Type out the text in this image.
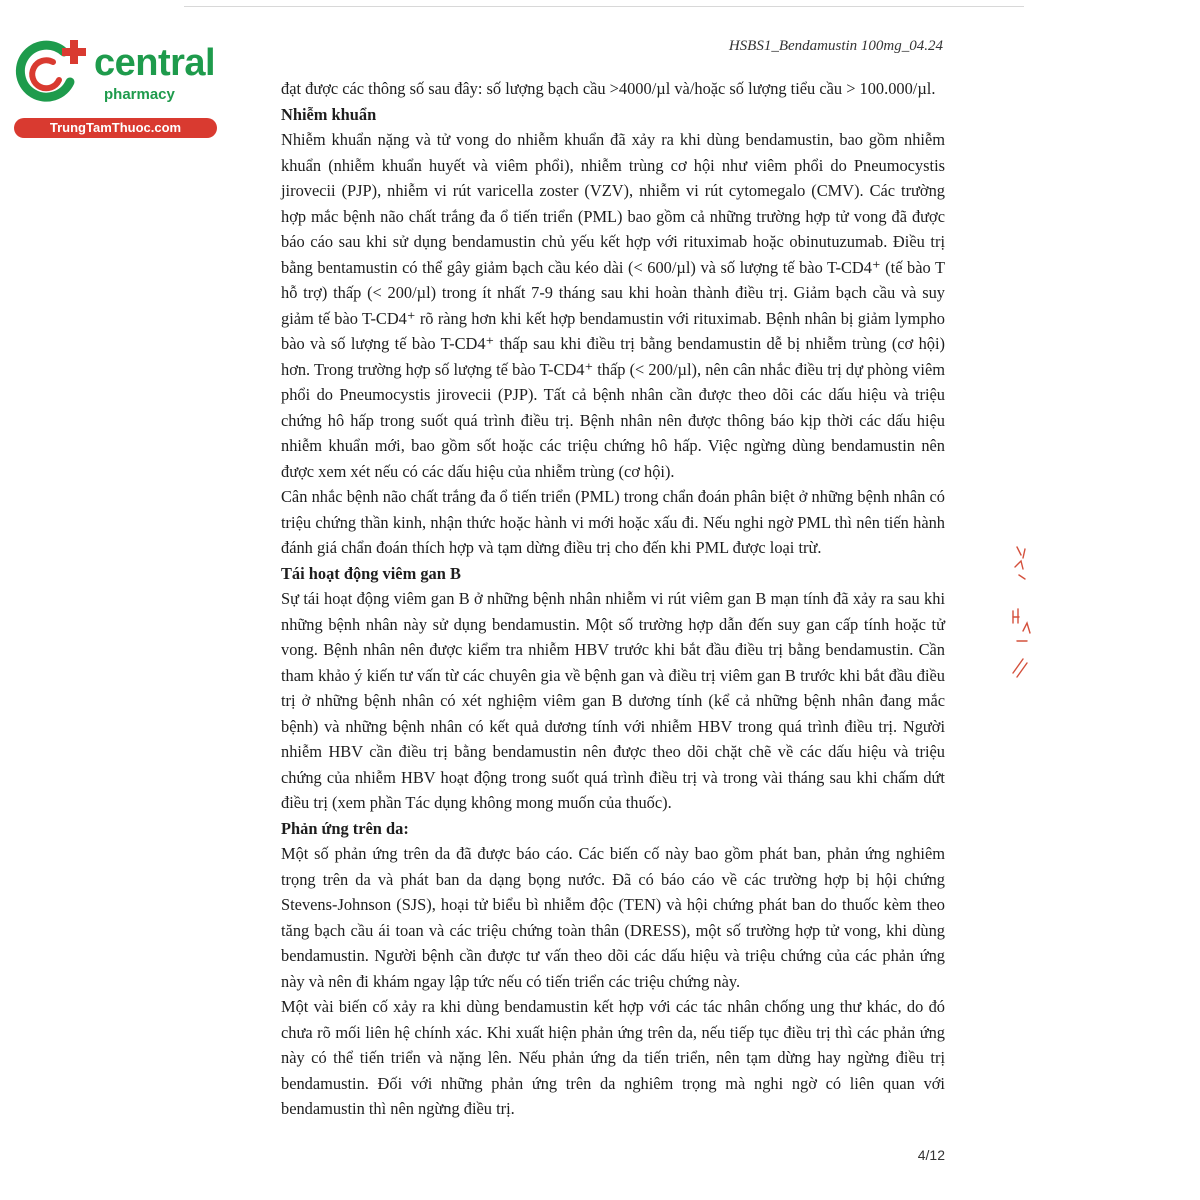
central
pharmacy
TrungTamThuoc.com
HSBS1_Bendamustin 100mg_04.24

đạt được các thông số sau đây: số lượng bạch cầu >4000/µl và/hoặc số lượng tiểu cầu > 100.000/µl.

Nhiễm khuẩn

Nhiễm khuẩn nặng và tử vong do nhiễm khuẩn đã xảy ra khi dùng bendamustin, bao gồm nhiễm khuẩn (nhiễm khuẩn huyết và viêm phổi), nhiễm trùng cơ hội như viêm phổi do Pneumocystis jirovecii (PJP), nhiễm vi rút varicella zoster (VZV), nhiễm vi rút cytomegalo (CMV). Các trường hợp mắc bệnh não chất trắng đa ổ tiến triển (PML) bao gồm cả những trường hợp tử vong đã được báo cáo sau khi sử dụng bendamustin chủ yếu kết hợp với rituximab hoặc obinutuzumab. Điều trị bằng bentamustin có thể gây giảm bạch cầu kéo dài (< 600/µl) và số lượng tế bào T-CD4⁺ (tế bào T hỗ trợ) thấp (< 200/µl) trong ít nhất 7-9 tháng sau khi hoàn thành điều trị. Giảm bạch cầu và suy giảm tế bào T-CD4⁺ rõ ràng hơn khi kết hợp bendamustin với rituximab. Bệnh nhân bị giảm lympho bào và số lượng tế bào T-CD4⁺ thấp sau khi điều trị bằng bendamustin dễ bị nhiễm trùng (cơ hội) hơn. Trong trường hợp số lượng tế bào T-CD4⁺ thấp (< 200/µl), nên cân nhắc điều trị dự phòng viêm phổi do Pneumocystis jirovecii (PJP). Tất cả bệnh nhân cần được theo dõi các dấu hiệu và triệu chứng hô hấp trong suốt quá trình điều trị. Bệnh nhân nên được thông báo kịp thời các dấu hiệu nhiễm khuẩn mới, bao gồm sốt hoặc các triệu chứng hô hấp. Việc ngừng dùng bendamustin nên được xem xét nếu có các dấu hiệu của nhiễm trùng (cơ hội).

Cân nhắc bệnh não chất trắng đa ổ tiến triển (PML) trong chẩn đoán phân biệt ở những bệnh nhân có triệu chứng thần kinh, nhận thức hoặc hành vi mới hoặc xấu đi. Nếu nghi ngờ PML thì nên tiến hành đánh giá chẩn đoán thích hợp và tạm dừng điều trị cho đến khi PML được loại trừ.

Tái hoạt động viêm gan B

Sự tái hoạt động viêm gan B ở những bệnh nhân nhiễm vi rút viêm gan B mạn tính đã xảy ra sau khi những bệnh nhân này sử dụng bendamustin. Một số trường hợp dẫn đến suy gan cấp tính hoặc tử vong. Bệnh nhân nên được kiểm tra nhiễm HBV trước khi bắt đầu điều trị bằng bendamustin. Cần tham khảo ý kiến tư vấn từ các chuyên gia về bệnh gan và điều trị viêm gan B trước khi bắt đầu điều trị ở những bệnh nhân có xét nghiệm viêm gan B dương tính (kể cả những bệnh nhân đang mắc bệnh) và những bệnh nhân có kết quả dương tính với nhiễm HBV trong quá trình điều trị. Người nhiễm HBV cần điều trị bằng bendamustin nên được theo dõi chặt chẽ về các dấu hiệu và triệu chứng của nhiễm HBV hoạt động trong suốt quá trình điều trị và trong vài tháng sau khi chấm dứt điều trị (xem phần Tác dụng không mong muốn của thuốc).

Phản ứng trên da:

Một số phản ứng trên da đã được báo cáo. Các biến cố này bao gồm phát ban, phản ứng nghiêm trọng trên da và phát ban da dạng bọng nước. Đã có báo cáo về các trường hợp bị hội chứng Stevens-Johnson (SJS), hoại tử biểu bì nhiễm độc (TEN) và hội chứng phát ban do thuốc kèm theo tăng bạch cầu ái toan và các triệu chứng toàn thân (DRESS), một số trường hợp tử vong, khi dùng bendamustin. Người bệnh cần được tư vấn theo dõi các dấu hiệu và triệu chứng của các phản ứng này và nên đi khám ngay lập tức nếu có tiến triển các triệu chứng này.

Một vài biến cố xảy ra khi dùng bendamustin kết hợp với các tác nhân chống ung thư khác, do đó chưa rõ mối liên hệ chính xác. Khi xuất hiện phản ứng trên da, nếu tiếp tục điều trị thì các phản ứng này có thể tiến triển và nặng lên. Nếu phản ứng da tiến triển, nên tạm dừng hay ngừng điều trị bendamustin. Đối với những phản ứng trên da nghiêm trọng mà nghi ngờ có liên quan với bendamustin thì nên ngừng điều trị.

4/12
